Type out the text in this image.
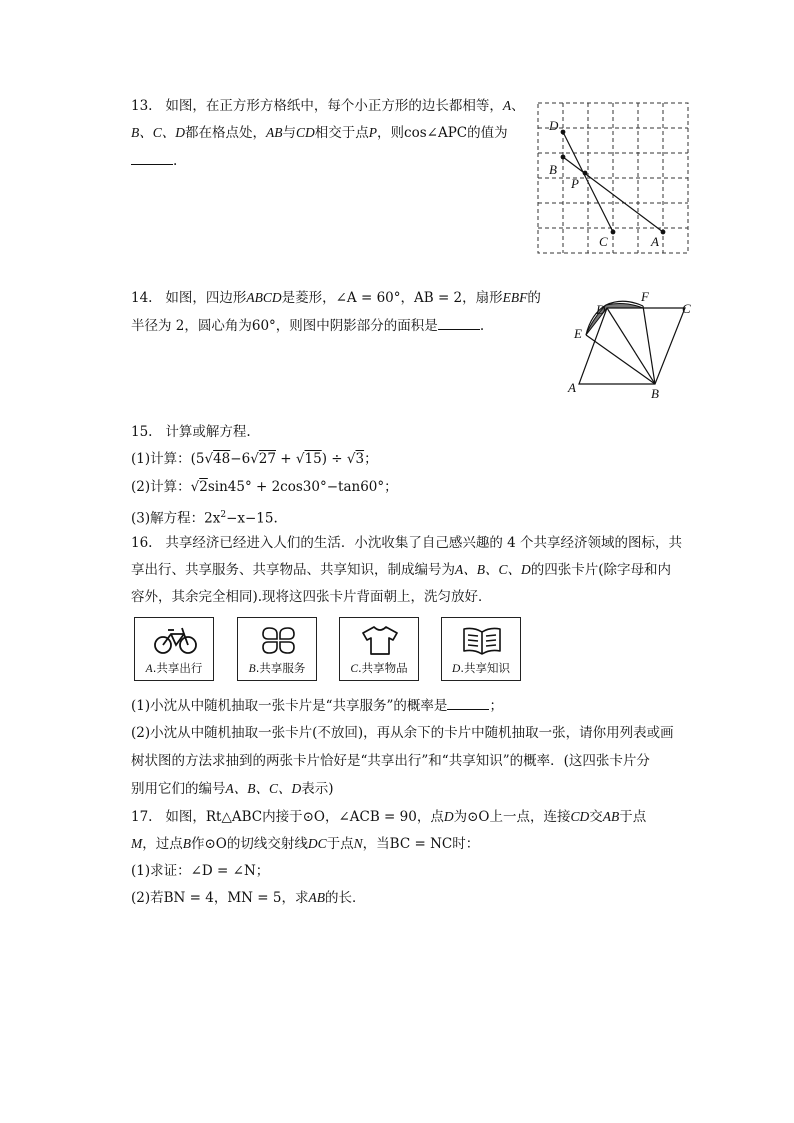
13. 如图，在正方形方格纸中，每个小正方形的边长都相等，A、
B、C、D都在格点处，AB与CD相交于点P，则cos∠APC的值为
.
D
B
P
C	A
14. 如图，四边形ABCD是菱形，∠A = 60°，AB = 2，扇形EBF的
半径为 2，圆心角为60°，则图中阴影部分的面积是	.
A	B
C
D
E
F
15. 计算或解方程.
(1)计算：(5√48−6√27 + √15) ÷ √3；
(2)计算：√2sin45° + 2cos30°−tan60°；
(3)解方程：$2x^2-x-15$.
16. 共享经济已经进入人们的生活．小沈收集了自己感兴趣的 4 个共享经济领域的图标，共
享出行、共享服务、共享物品、共享知识，制成编号为A、B、C、D的四张卡片(除字母和内
容外，其余完全相同).现将这四张卡片背面朝上，洗匀放好．
A.共享出行	B.共享服务	C.共享物品	D.共享知识
(1)小沈从中随机抽取一张卡片是“共享服务”的概率是	；
(2)小沈从中随机抽取一张卡片(不放回)，再从余下的卡片中随机抽取一张，请你用列表或画
树状图的方法求抽到的两张卡片恰好是“共享出行”和“共享知识”的概率．(这四张卡片分
别用它们的编号A、B、C、D表示)
17. 如图，Rt△ABC内接于⊙O，∠ACB = 90，点D为⊙O上一点，连接CD交AB于点
M，过点B作⊙O的切线交射线DC于点N，当BC = NC时：
(1)求证：∠D = ∠N；
(2)若BN = 4，MN = 5，求AB的长．
